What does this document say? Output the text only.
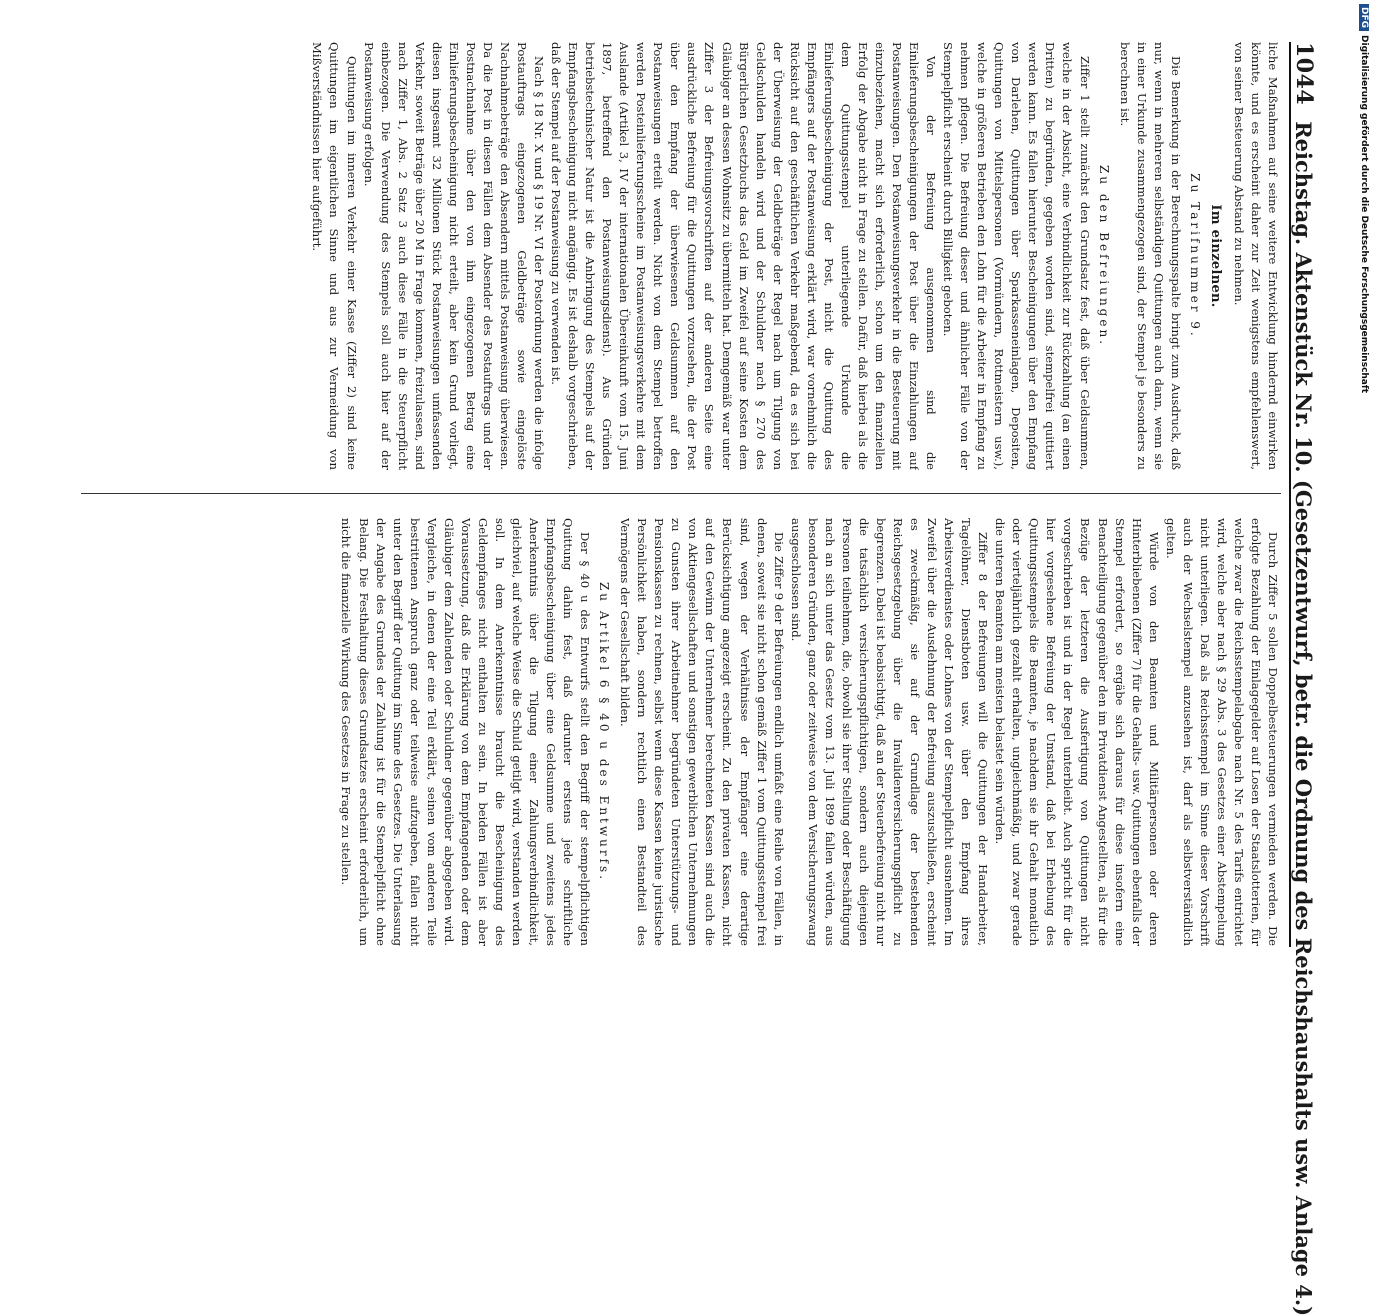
1044
Reichstag. Aktenstück Nr. 10. (Gesetzentwurf, betr. die Ordnung des Reichshaushalts usw. Anlage 4.)

liche Maßnahmen auf seine weitere Entwicklung hindernd einwirken könnte, und es erscheint daher zur Zeit wenigstens empfehlenswert, von seiner Besteuerung Abstand zu nehmen.

Im einzelnen.
Zu Tarifnummer 9.

Die Bemerkung in der Berechnungsspalte bringt zum Ausdruck, daß nur, wenn in mehreren selbständigen Quittungen auch dann, wenn sie in einer Urkunde zusammengezogen sind, der Stempel je besonders zu berechnen ist.

Zu den Befreiungen.

Ziffer 1 stellt zunächst den Grundsatz fest, daß über Geldsummen, welche in der Absicht, eine Verbindlichkeit zur Rückzahlung (an einen Dritten) zu begründen, gegeben worden sind, stempelfrei quittiert werden kann. Es fallen hierunter Bescheinigungen über den Empfang von Darlehen, Quittungen über Sparkasseneinlagen, Depositen, Quittungen von Mittelspersonen (Vormündern, Rottmeistern usw.), welche in größeren Betrieben den Lohn für die Arbeiter in Empfang zu nehmen pflegen. Die Befreiung dieser und ähnlicher Fälle von der Stempelpflicht erscheint durch Billigkeit geboten.

Von der Befreiung ausgenommen sind die Einlieferungsbescheinigungen der Post über die Einzahlungen auf Postanweisungen. Den Postanweisungsverkehr in die Besteuerung mit einzubeziehen, macht sich erforderlich, schon um den finanziellen Erfolg der Abgabe nicht in Frage zu stellen. Dafür, daß hierbei als die dem Quittungsstempel unterliegende Urkunde die Einlieferungsbescheinigung der Post, nicht die Quittung des Empfängers auf der Postanweisung erklärt wird, war vornehmlich die Rücksicht auf den geschäftlichen Verkehr maßgebend, da es sich bei der Überweisung der Geldbeträge der Regel nach um Tilgung von Geldschulden handeln wird und der Schuldner nach § 270 des Bürgerlichen Gesetzbuchs das Geld im Zweifel auf seine Kosten dem Gläubiger an dessen Wohnsitz zu übermitteln hat. Demgemäß war unter Ziffer 3 der Befreiungsvorschriften auf der anderen Seite eine ausdrückliche Befreiung für die Quittungen vorzusehen, die der Post über den Empfang der überwiesenen Geldsummen auf den Postanweisungen erteilt werden. Nicht von dem Stempel betroffen werden Posteinlieferungsscheine im Postanweisungsverkehre mit dem Auslande (Artikel 3, IV der internationalen Übereinkunft vom 15. Juni 1897, betreffend den Postanweisungsdienst). Aus Gründen betriebstechnischer Natur ist die Anbringung des Stempels auf der Empfangsbescheinigung nicht angängig. Es ist deshalb vorgeschrieben, daß der Stempel auf der Postanweisung zu verwenden ist.

Nach § 18 Nr. X und § 19 Nr. VI der Postordnung werden die infolge Postauftrags eingezogenen Geldbeträge sowie eingelöste Nachnahmebeträge den Absendern mittels Postanweisung überwiesen. Da die Post in diesen Fällen dem Absender des Postauftrags und der Postnachnahme über den von ihm eingezogenen Betrag eine Einlieferungsbescheinigung nicht erteilt, aber kein Grund vorliegt, diesen insgesamt 32 Millionen Stück Postanweisungen umfassenden Verkehr, soweit Beträge über 20 M in Frage kommen, freizulassen, sind nach Ziffer 1, Abs. 2 Satz 3 auch diese Fälle in die Steuerpflicht einbezogen. Die Verwendung des Stempels soll auch hier auf der Postanweisung erfolgen.

Quittungen im inneren Verkehr einer Kasse (Ziffer 2) sind keine Quittungen im eigentlichen Sinne und aus zur Vermeidung von Mißverständnissen hier aufgeführt.

Durch Ziffer 5 sollen Doppelbesteuerungen vermieden werden. Die erfolgte Bezahlung der Einlagegelder auf Losen der Staatslotterien, für welche zwar die Reichsstempelabgabe nach Nr. 5 des Tarifs entrichtet wird, welche aber nach § 29 Abs. 3 des Gesetzes einer Abstempelung nicht unterliegen. Daß als Reichsstempel im Sinne dieser Vorschrift auch der Wechselstempel anzusehen ist, darf als selbstverständlich gelten.

Würde von den Beamten und Militärpersonen oder deren Hinterbliebenen (Ziffer 7) für die Gehalts- usw. Quittungen ebenfalls der Stempel erfordert, so ergäbe sich daraus für diese insofern eine Benachteiligung gegenüber den im Privatdienst Angestellten, als für die Bezüge der letzteren die Ausfertigung von Quittungen nicht vorgeschrieben ist und in der Regel unterbleibt. Auch spricht für die hier vorgesehene Befreiung der Umstand, daß bei Erhebung des Quittungsstempels die Beamten, je nachdem sie ihr Gehalt monatlich oder vierteljährlich gezahlt erhalten, ungleichmäßig, und zwar gerade die unteren Beamten am meisten belastet sein würden.

Ziffer 8 der Befreiungen will die Quittungen der Handarbeiter, Tagelöhner, Dienstboten usw. über den Empfang ihres Arbeitsverdienstes oder Lohnes von der Stempelpflicht ausnehmen. Im Zweifel über die Ausdehnung der Befreiung auszuschließen, erscheint es zweckmäßig, sie auf der Grundlage der bestehenden Reichsgesetzgebung über die Invalidenversicherungspflicht zu begrenzen. Dabei ist beabsichtigt, daß an der Steuerbefreiung nicht nur die tatsächlich versicherungspflichtigen, sondern auch diejenigen Personen teilnehmen, die, obwohl sie ihrer Stellung oder Beschäftigung nach an sich unter das Gesetz vom 13. Juli 1899 fallen würden, aus besonderen Gründen, ganz oder zeitweise von dem Versicherungszwang ausgeschlossen sind.

Die Ziffer 9 der Befreiungen endlich umfaßt eine Reihe von Fällen, in denen, soweit sie nicht schon gemäß Ziffer 1 vom Quittungsstempel frei sind, wegen der Verhältnisse der Empfänger eine derartige Berücksichtigung angezeigt erscheint. Zu den privaten Kassen, nicht auf den Gewinn der Unternehmer berechneten Kassen sind auch die von Aktiengesellschaften und sonstigen gewerblichen Unternehmungen zu Gunsten ihrer Arbeitnehmer begründeten Unterstützungs- und Pensionskassen zu rechnen, selbst wenn diese Kassen keine juristische Persönlichkeit haben, sondern rechtlich einen Bestandteil des Vermögens der Gesellschaft bilden.

Zu Artikel 6 § 40 u des Entwurfs.

Der § 40 u des Entwurfs stellt den Begriff der stempelpflichtigen Quittung dahin fest, daß darunter erstens jede schriftliche Empfangsbescheinigung über eine Geldsumme und zweitens jedes Anerkenntnis über die Tilgung einer Zahlungsverbindlichkeit, gleichviel, auf welche Weise die Schuld getilgt wird, verstanden werden soll. In dem Anerkenntnisse braucht die Bescheinigung des Geldempfanges nicht enthalten zu sein. In beiden Fällen ist aber Voraussetzung, daß die Erklärung von dem Empfangenden oder dem Gläubiger dem Zahlenden oder Schuldner gegenüber abgegeben wird. Vergleiche, in denen der eine Teil erklärt, seinen vom anderen Teile bestrittenen Anspruch ganz oder teilweise aufzugeben, fallen nicht unter den Begriff der Quittung im Sinne des Gesetzes. Die Unterlassung der Angabe des Grundes der Zahlung ist für die Stempelpflicht ohne Belang. Die Festhaltung dieses Grundsatzes erscheint erforderlich, um nicht die finanzielle Wirkung des Gesetzes in Frage zu stellen.

DFGDigitalisierung gefördert durch die Deutsche Forschungsgemeinschaft
